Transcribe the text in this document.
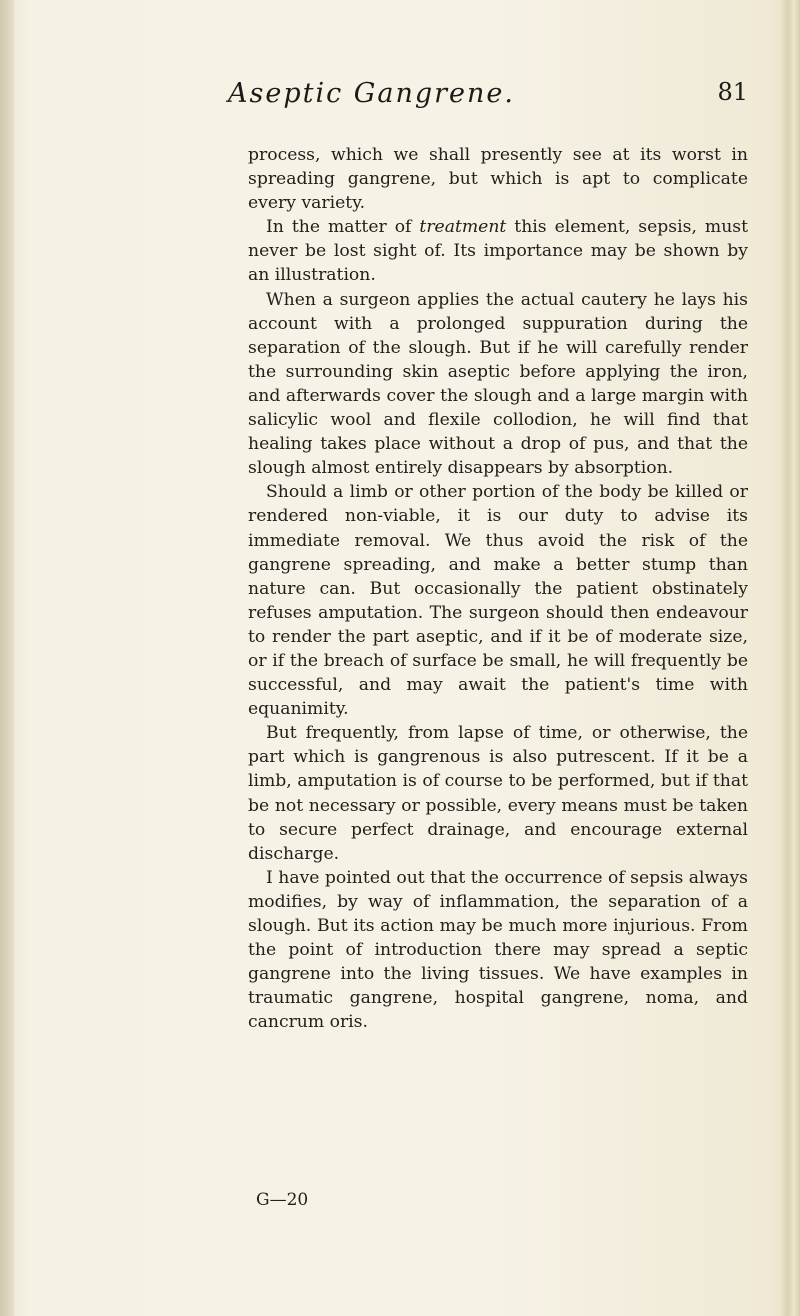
Aseptic Gangrene.	81

process, which we shall presently see at its worst in spreading gangrene, but which is apt to complicate every variety.

In the matter of treatment this element, sepsis, must never be lost sight of. Its importance may be shown by an illustration.

When a surgeon applies the actual cautery he lays his account with a prolonged suppuration during the separation of the slough. But if he will carefully render the surrounding skin aseptic before applying the iron, and afterwards cover the slough and a large margin with salicylic wool and flexile collodion, he will find that healing takes place without a drop of pus, and that the slough almost entirely disappears by absorption.

Should a limb or other portion of the body be killed or rendered non-viable, it is our duty to advise its immediate removal. We thus avoid the risk of the gangrene spreading, and make a better stump than nature can. But occasionally the patient obstinately refuses amputation. The surgeon should then endeavour to render the part aseptic, and if it be of moderate size, or if the breach of surface be small, he will frequently be successful, and may await the patient's time with equanimity.

But frequently, from lapse of time, or otherwise, the part which is gangrenous is also putrescent. If it be a limb, amputation is of course to be performed, but if that be not necessary or possible, every means must be taken to secure perfect drainage, and encourage external discharge.

I have pointed out that the occurrence of sepsis always modifies, by way of inflammation, the separation of a slough. But its action may be much more injurious. From the point of introduction there may spread a septic gangrene into the living tissues. We have examples in traumatic gangrene, hospital gangrene, noma, and cancrum oris.

G—20
